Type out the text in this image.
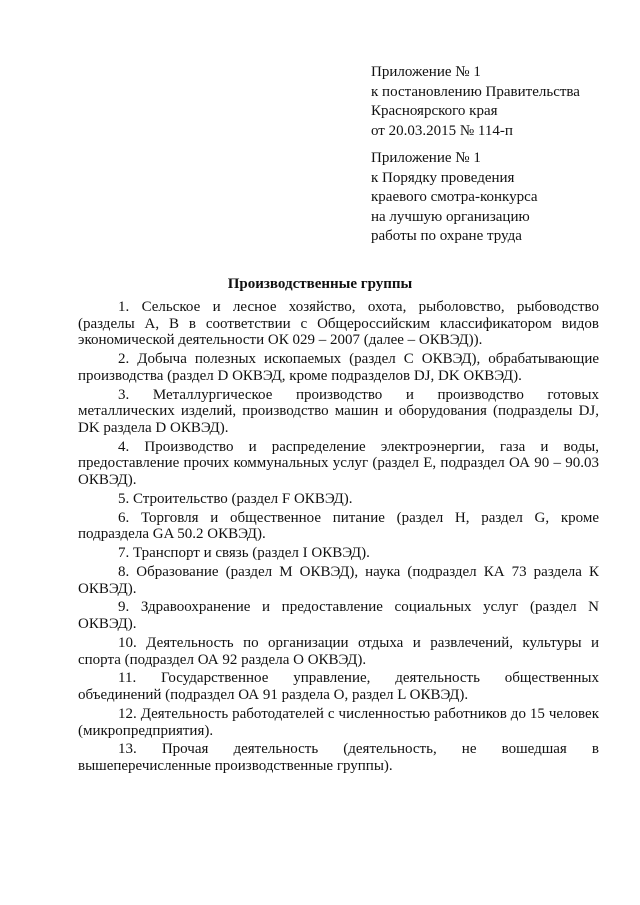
Приложение № 1
к постановлению Правительства
Красноярского края
от 20.03.2015 № 114-п
Приложение № 1
к Порядку проведения
краевого смотра-конкурса
на лучшую организацию
работы по охране труда
Производственные группы

1. Сельское и лесное хозяйство, охота, рыболовство, рыбоводство (разделы А, В в соответствии с Общероссийским классификатором видов экономической деятельности ОК 029 – 2007 (далее – ОКВЭД)).

2. Добыча полезных ископаемых (раздел С ОКВЭД), обрабатывающие производства (раздел D ОКВЭД, кроме подразделов DJ, DK ОКВЭД).

3. Металлургическое производство и производство готовых металлических изделий, производство машин и оборудования (подразделы DJ, DK раздела D ОКВЭД).

4. Производство и распределение электроэнергии, газа и воды, предоставление прочих коммунальных услуг (раздел Е, подраздел ОА 90 – 90.03 ОКВЭД).

5. Строительство (раздел F ОКВЭД).

6. Торговля и общественное питание (раздел Н, раздел G, кроме подраздела GA 50.2 ОКВЭД).

7. Транспорт и связь (раздел I ОКВЭД).

8. Образование (раздел М ОКВЭД), наука (подраздел КА 73 раздела К ОКВЭД).

9. Здравоохранение и предоставление социальных услуг (раздел N ОКВЭД).

10. Деятельность по организации отдыха и развлечений, культуры и спорта (подраздел ОА 92 раздела О ОКВЭД).

11. Государственное управление, деятельность общественных объединений (подраздел ОА 91 раздела О, раздел L ОКВЭД).

12. Деятельность работодателей с численностью работников до 15 человек (микропредприятия).

13. Прочая деятельность (деятельность, не вошедшая в вышеперечисленные производственные группы).
